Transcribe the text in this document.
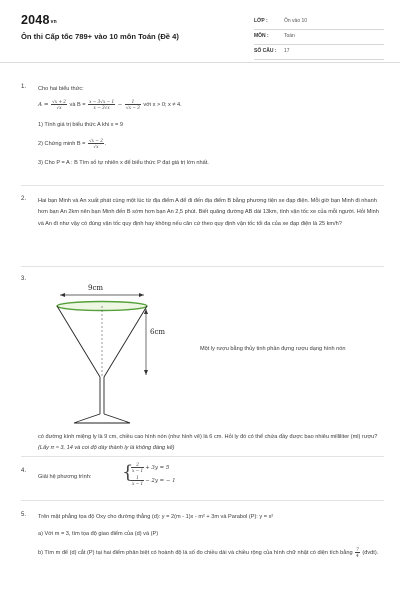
2048vn
Ôn thi Cấp tốc 789+ vào 10 môn Toán (Đề 4)
LỚP :	Ôn vào 10
MÔN :	Toán
SỐ CÂU : 17
1. Cho hai biểu thức:
$A = \frac{√x + 2}{√x}$ và $B = \frac{x - 3√x - 1}{x - 3√x} - \frac{1}{√x - 3}$ với x > 0; x ≠ 4.
1) Tính giá trị biểu thức A khi x = 9
2) Chứng minh $B = \frac{√x - 2}{√x}$ .
3) Cho P = A : B Tìm số tự nhiên x để biểu thức P đạt giá trị lớn nhất.
2. Hai bạn Minh và An xuất phát cùng một lúc từ địa điểm A để đi đến địa điểm B bằng phương tiện xe đạp điện. Mỗi giờ bạn Minh đi nhanh hơn bạn An 2km nên bạn Minh đến B sớm hơn bạn An 2,5 phút. Biết quãng đường AB dài 13km, tính vận tốc xe của mỗi người. Hỏi Minh và An đi như vậy có đúng vận tốc quy định hay không nếu căn cứ theo quy định vận tốc tối đa của xe đạp điện là 25 km/h?
3.
9cm
6cm
Một ly rượu bằng thủy tinh phần đựng rượu dạng hình nón
có đường kính miệng ly là 9 cm, chiều cao hình nón (như hình vẽ) là 6 cm. Hỏi ly đó có thể chứa đầy được bao nhiêu milliliter (ml) rượu? (Lấy π ≈ 3, 14 và coi độ dày thành ly là không đáng kể)
4.
Giải hệ phương trình:	{
$\frac{2}{x - 1} + 3y = 5$
$\frac{1}{x - 1} - 2y$ = − 1
5. Trên mặt phẳng tọa độ Oxy cho đường thẳng (d): y = 2(m - 1)x - m² + 3m và Parabol (P): y = x²
a) Với m = 3, tìm tọa độ giao điểm của (d) và (P)
b) Tìm m để (d) cắt (P) tại hai điểm phân biệt có hoành độ là số đo chiều dài và chiều rộng của hình chữ nhật có diện tích bằng $\frac{7}{4}$ (đvdt).
